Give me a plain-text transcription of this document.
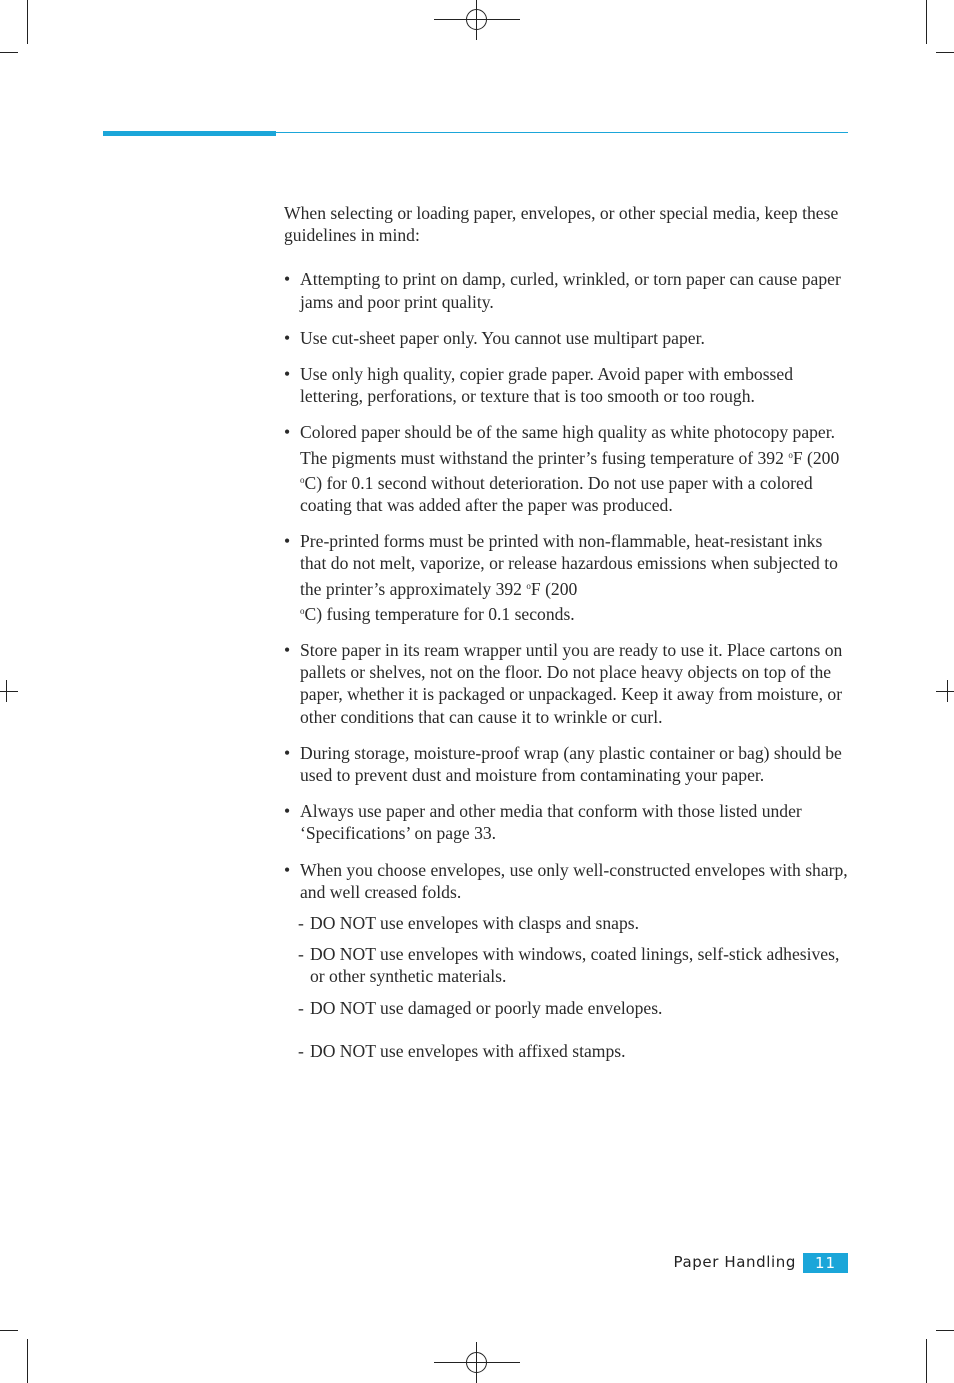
When selecting or loading paper, envelopes, or other special media, keep these guidelines in mind:

• Attempting to print on damp, curled, wrinkled, or torn paper can cause paper jams and poor print quality.
• Use cut-sheet paper only. You cannot use multipart paper.
• Use only high quality, copier grade paper. Avoid paper with embossed lettering, perforations, or texture that is too smooth or too rough.
• Colored paper should be of the same high quality as white photocopy paper. The pigments must withstand the printer’s fusing temperature of 392 $^o$F (200 $^o$C) for 0.1 second without deterioration. Do not use paper with a colored coating that was added after the paper was produced.
• Pre-printed forms must be printed with non-flammable, heat-resistant inks that do not melt, vaporize, or release hazardous emissions when subjected to the printer’s approximately 392 $^o$F (200
$^o$C) fusing temperature for 0.1 seconds.
• Store paper in its ream wrapper until you are ready to use it. Place cartons on pallets or shelves, not on the floor. Do not place heavy objects on top of the paper, whether it is packaged or unpackaged. Keep it away from moisture, or other conditions that can cause it to wrinkle or curl.
• During storage, moisture-proof wrap (any plastic container or bag) should be used to prevent dust and moisture from contaminating your paper.
• Always use paper and other media that conform with those listed under ‘Specifications’ on page 33.
• When you choose envelopes, use only well-constructed envelopes with sharp, and well creased folds.
- DO NOT use envelopes with clasps and snaps.
- DO NOT use envelopes with windows, coated linings, self-stick adhesives, or other synthetic materials.
- DO NOT use damaged or poorly made envelopes.
- DO NOT use envelopes with affixed stamps.
Paper Handling	11
